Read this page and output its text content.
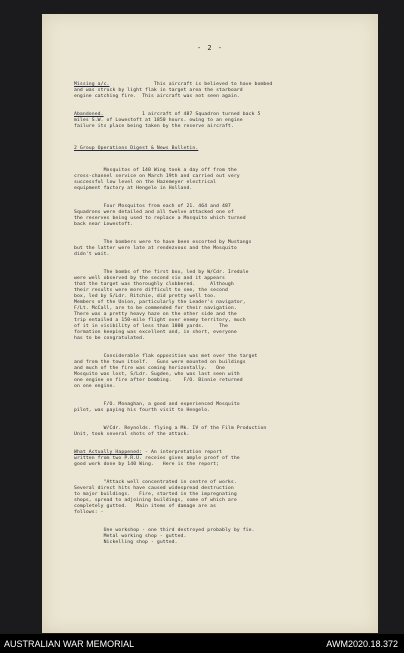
- 2 -

Missing a/c.               This aircraft is believed to have bombed
and was struck by light flak in target area the starboard
engine catching fire.  This aircraft was not seen again.

Abandoned.             1 aircraft of 487 Squadron turned back 5
miles S.W. of Lowestoft at 1850 hours. owing to an engine
failure its place being taken by the reserve aircraft.

2 Group Operations Digest & News Bulletin.

Mosquitos of 140 Wing took a day off from the
cross-channel service on March 19th and carried out very
successful low level on the Hazemeyer electrical
equipment factory at Hengelo in Holland.

Four Mosquitos from each of 21. 464 and 487
Squadrons were detailed and all twelve attacked one of
the reserves being used to replace a Mosquito which turned
back near Lowestoft.

The bombers were to have been escorted by Mustangs
but the latter were late at rendezvous and the Mosquito
didn't wait.

The bombs of the first box, led by W/Cdr. Iredale
were well observed by the second six and it appears
that the target was thoroughly clobbered.     Although
their results were more difficult to see, the second
box, led by S/Ldr. Ritchie, did pretty well too.
Members of the Union, particularly the Leader's navigator,
F/Lt. McCall, are to be commended for their navigation.
There was a pretty heavy haze on the other side and the
trip entailed a 150-mile flight over enemy territory, much
of it in visibility of less than 1000 yards.     The
formation keeping was excellent and, in short, everyone
has to be congratulated.

Considerable flak opposition was met over the target
and from the town itself.   Guns were mounted on buildings
and much of the fire was coming horizontally.   One
Mosquito was lost, S/Ldr. Sugden, who was last seen with
one engine on fire after bombing.    F/O. Binnie returned
on one engine.

F/O. Monaghan, a good and experienced Mosquito
pilot, was paying his fourth visit to Hengelo.

W/Cdr. Reynolds. flying a Mk. IV of the Film Production
Unit, took several shots of the attack.

What Actually Happened: - An interpretation report
written from two P.R.U. receies gives ample proof of the
good work done by 140 Wing.   Here is the report;

"Attack well concentrated in centre of works.
Several direct hits have caused widespread destruction
to major buildings.   Fire, started in the impregnating
shops, spread to adjoining buildings, some of which are
completely gutted.   Main items of damage are as
follows: -

One workshop - one third destroyed probably by fie.
Metal working shop - gutted.
Nickelling shop - gutted.

AUSTRALIAN WAR MEMORIAL	AWM2020.18.372
